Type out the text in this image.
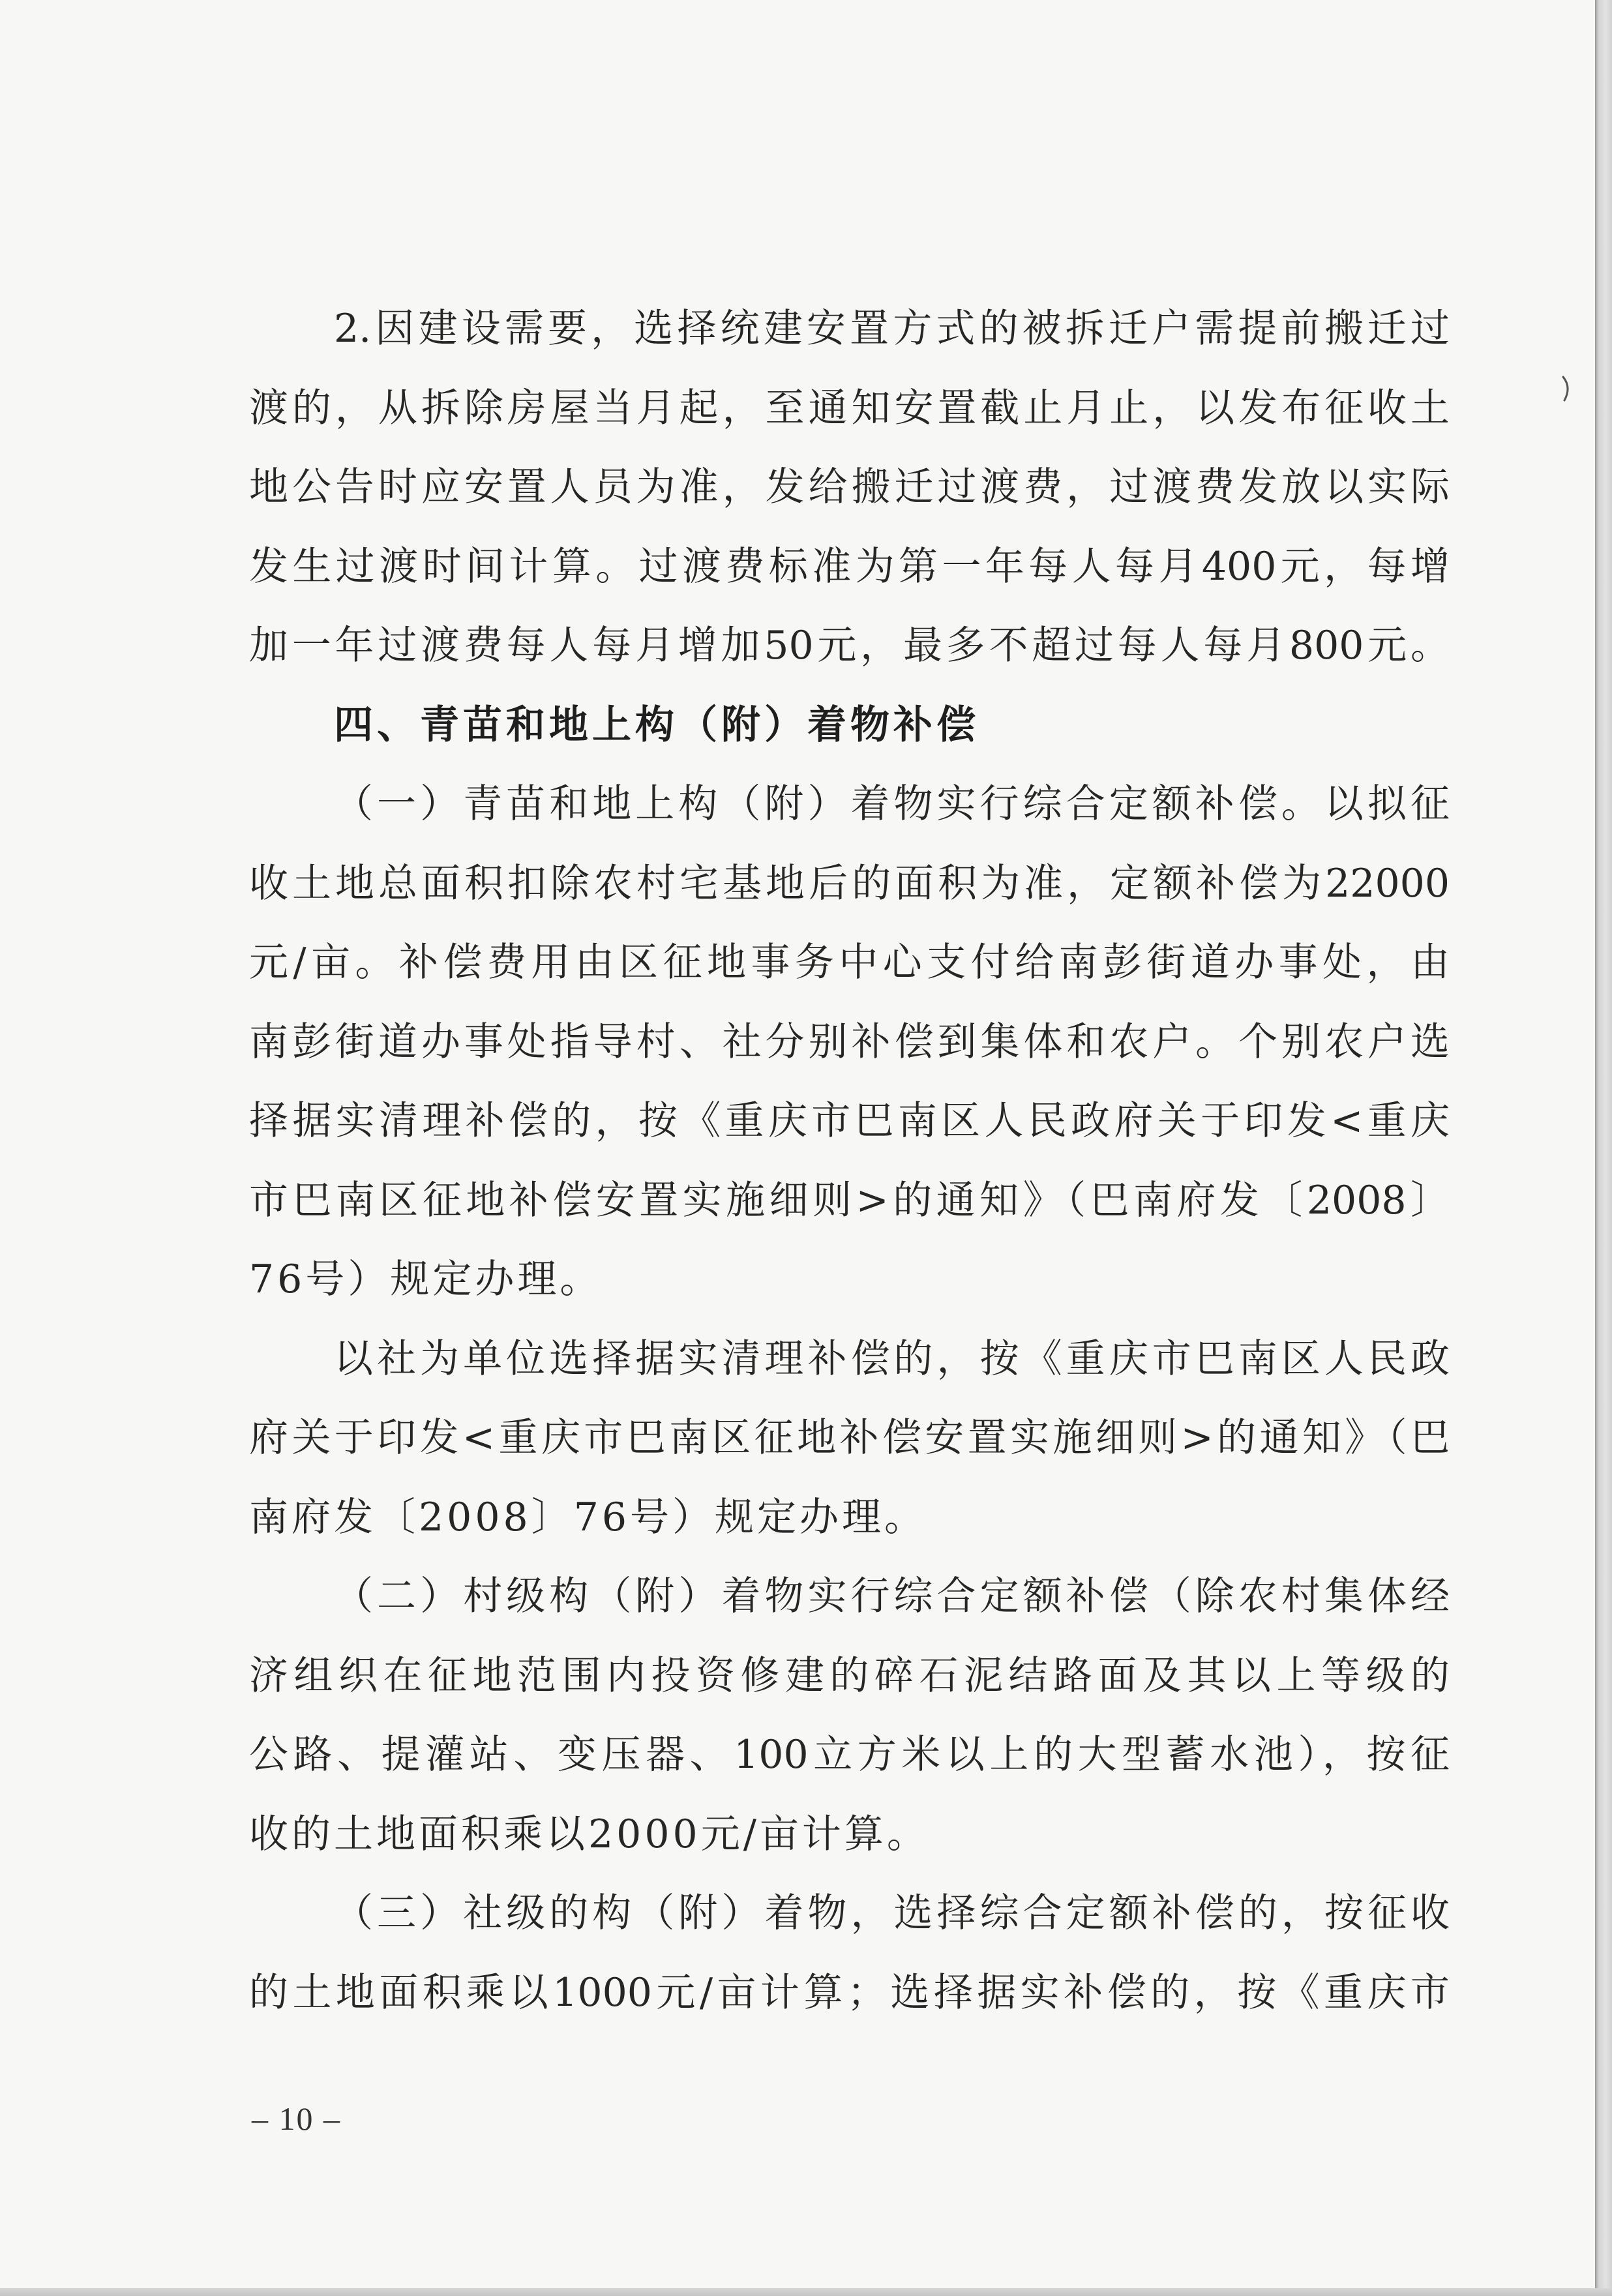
2.因建设需要，选择统建安置方式的被拆迁户需提前搬迁过
渡的，从拆除房屋当月起，至通知安置截止月止，以发布征收土
地公告时应安置人员为准，发给搬迁过渡费，过渡费发放以实际
发生过渡时间计算。过渡费标准为第一年每人每月400元，每增
加一年过渡费每人每月增加50元，最多不超过每人每月800元。
四、青苗和地上构（附）着物补偿
（一）青苗和地上构（附）着物实行综合定额补偿。以拟征
收土地总面积扣除农村宅基地后的面积为准，定额补偿为22000
元/亩。补偿费用由区征地事务中心支付给南彭街道办事处，由
南彭街道办事处指导村、社分别补偿到集体和农户。个别农户选
择据实清理补偿的，按《重庆市巴南区人民政府关于印发<重庆
市巴南区征地补偿安置实施细则>的通知》（巴南府发〔2008〕
76号）规定办理。
以社为单位选择据实清理补偿的，按《重庆市巴南区人民政
府关于印发<重庆市巴南区征地补偿安置实施细则>的通知》（巴
南府发〔2008〕76号）规定办理。
（二）村级构（附）着物实行综合定额补偿（除农村集体经
济组织在征地范围内投资修建的碎石泥结路面及其以上等级的
公路、提灌站、变压器、100立方米以上的大型蓄水池），按征
收的土地面积乘以2000元/亩计算。
（三）社级的构（附）着物，选择综合定额补偿的，按征收
的土地面积乘以1000元/亩计算；选择据实补偿的，按《重庆市
– 10 –
